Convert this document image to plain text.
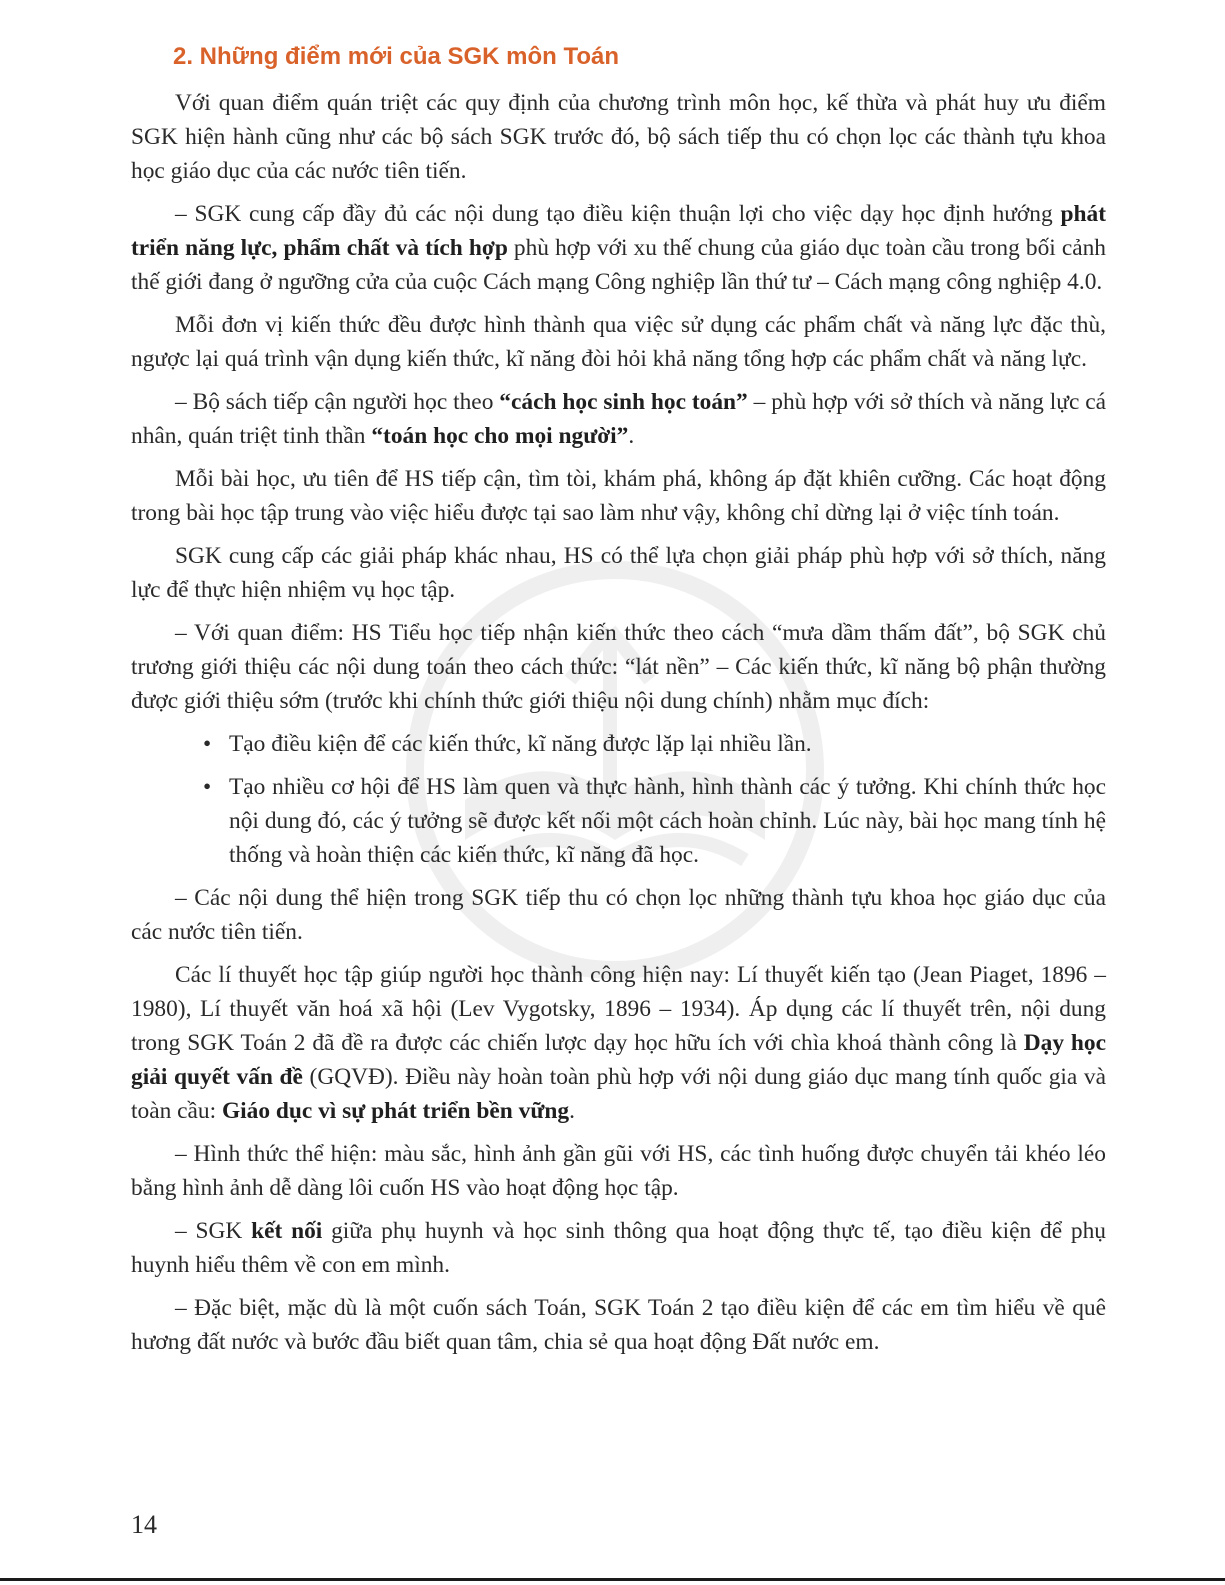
2. Những điểm mới của SGK môn Toán

Với quan điểm quán triệt các quy định của chương trình môn học, kế thừa và phát huy ưu điểm SGK hiện hành cũng như các bộ sách SGK trước đó, bộ sách tiếp thu có chọn lọc các thành tựu khoa học giáo dục của các nước tiên tiến.

– SGK cung cấp đầy đủ các nội dung tạo điều kiện thuận lợi cho việc dạy học định hướng phát triển năng lực, phẩm chất và tích hợp phù hợp với xu thế chung của giáo dục toàn cầu trong bối cảnh thế giới đang ở ngưỡng cửa của cuộc Cách mạng Công nghiệp lần thứ tư – Cách mạng công nghiệp 4.0.

Mỗi đơn vị kiến thức đều được hình thành qua việc sử dụng các phẩm chất và năng lực đặc thù, ngược lại quá trình vận dụng kiến thức, kĩ năng đòi hỏi khả năng tổng hợp các phẩm chất và năng lực.

– Bộ sách tiếp cận người học theo “cách học sinh học toán” – phù hợp với sở thích và năng lực cá nhân, quán triệt tinh thần “toán học cho mọi người”.

Mỗi bài học, ưu tiên để HS tiếp cận, tìm tòi, khám phá, không áp đặt khiên cưỡng. Các hoạt động trong bài học tập trung vào việc hiểu được tại sao làm như vậy, không chỉ dừng lại ở việc tính toán.

SGK cung cấp các giải pháp khác nhau, HS có thể lựa chọn giải pháp phù hợp với sở thích, năng lực để thực hiện nhiệm vụ học tập.

– Với quan điểm: HS Tiểu học tiếp nhận kiến thức theo cách “mưa dầm thấm đất”, bộ SGK chủ trương giới thiệu các nội dung toán theo cách thức: “lát nền” – Các kiến thức, kĩ năng bộ phận thường được giới thiệu sớm (trước khi chính thức giới thiệu nội dung chính) nhằm mục đích:

• Tạo điều kiện để các kiến thức, kĩ năng được lặp lại nhiều lần.
• Tạo nhiều cơ hội để HS làm quen và thực hành, hình thành các ý tưởng. Khi chính thức học nội dung đó, các ý tưởng sẽ được kết nối một cách hoàn chỉnh. Lúc này, bài học mang tính hệ thống và hoàn thiện các kiến thức, kĩ năng đã học.

– Các nội dung thể hiện trong SGK tiếp thu có chọn lọc những thành tựu khoa học giáo dục của các nước tiên tiến.

Các lí thuyết học tập giúp người học thành công hiện nay: Lí thuyết kiến tạo (Jean Piaget, 1896 – 1980), Lí thuyết văn hoá xã hội (Lev Vygotsky, 1896 – 1934). Áp dụng các lí thuyết trên, nội dung trong SGK Toán 2 đã đề ra được các chiến lược dạy học hữu ích với chìa khoá thành công là Dạy học giải quyết vấn đề (GQVĐ). Điều này hoàn toàn phù hợp với nội dung giáo dục mang tính quốc gia và toàn cầu: Giáo dục vì sự phát triển bền vững.

– Hình thức thể hiện: màu sắc, hình ảnh gần gũi với HS, các tình huống được chuyển tải khéo léo bằng hình ảnh dễ dàng lôi cuốn HS vào hoạt động học tập.

– SGK kết nối giữa phụ huynh và học sinh thông qua hoạt động thực tế, tạo điều kiện để phụ huynh hiểu thêm về con em mình.

– Đặc biệt, mặc dù là một cuốn sách Toán, SGK Toán 2 tạo điều kiện để các em tìm hiểu về quê hương đất nước và bước đầu biết quan tâm, chia sẻ qua hoạt động Đất nước em.

14
